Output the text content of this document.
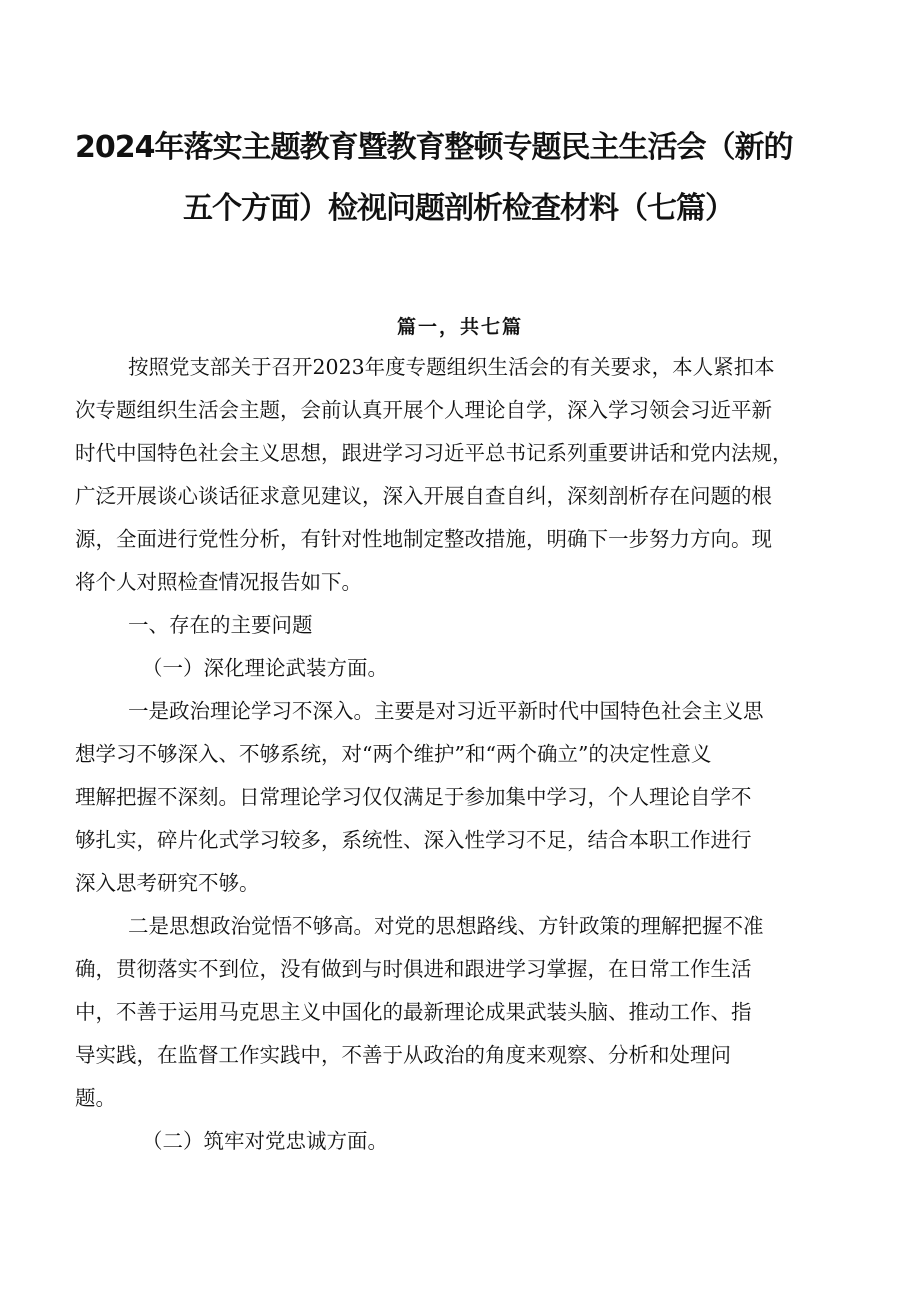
2024年落实主题教育暨教育整顿专题民主生活会（新的
五个方面）检视问题剖析检查材料（七篇）
篇一，共七篇
按照党支部关于召开2023年度专题组织生活会的有关要求，本人紧扣本
次专题组织生活会主题，会前认真开展个人理论自学，深入学习领会习近平新
时代中国特色社会主义思想，跟进学习习近平总书记系列重要讲话和党内法规，
广泛开展谈心谈话征求意见建议，深入开展自查自纠，深刻剖析存在问题的根
源，全面进行党性分析，有针对性地制定整改措施，明确下一步努力方向。现
将个人对照检查情况报告如下。
一、存在的主要问题
（一）深化理论武装方面。
一是政治理论学习不深入。主要是对习近平新时代中国特色社会主义思
想学习不够深入、不够系统，对“两个维护”和“两个确立”的决定性意义
理解把握不深刻。日常理论学习仅仅满足于参加集中学习，个人理论自学不
够扎实，碎片化式学习较多，系统性、深入性学习不足，结合本职工作进行
深入思考研究不够。
二是思想政治觉悟不够高。对党的思想路线、方针政策的理解把握不准
确，贯彻落实不到位，没有做到与时俱进和跟进学习掌握，在日常工作生活
中，不善于运用马克思主义中国化的最新理论成果武装头脑、推动工作、指
导实践，在监督工作实践中，不善于从政治的角度来观察、分析和处理问
题。
（二）筑牢对党忠诚方面。
